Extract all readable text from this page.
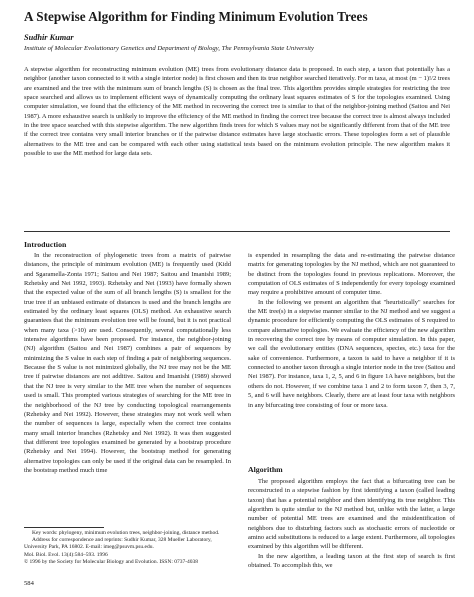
A Stepwise Algorithm for Finding Minimum Evolution Trees
Sudhir Kumar
Institute of Molecular Evolutionary Genetics and Department of Biology, The Pennsylvania State University
A stepwise algorithm for reconstructing minimum evolution (ME) trees from evolutionary distance data is proposed. In each step, a taxon that potentially has a neighbor (another taxon connected to it with a single interior node) is first chosen and then its true neighbor searched iteratively. For m taxa, at most (m − 1)!/2 trees are examined and the tree with the minimum sum of branch lengths (S) is chosen as the final tree. This algorithm provides simple strategies for restricting the tree space searched and allows us to implement efficient ways of dynamically computing the ordinary least squares estimates of S for the topologies examined. Using computer simulation, we found that the efficiency of the ME method in recovering the correct tree is similar to that of the neighbor-joining method (Saitou and Nei 1987). A more exhaustive search is unlikely to improve the efficiency of the ME method in finding the correct tree because the correct tree is almost always included in the tree space searched with this stepwise algorithm. The new algorithm finds trees for which S values may not be significantly different from that of the ME tree if the correct tree contains very small interior branches or if the pairwise distance estimates have large stochastic errors. These topologies form a set of plausible alternatives to the ME tree and can be compared with each other using statistical tests based on the minimum evolution principle. The new algorithm makes it possible to use the ME method for large data sets.
Introduction

In the reconstruction of phylogenetic trees from a matrix of pairwise distances, the principle of minimum evolution (ME) is frequently used (Kidd and Sgaramella-Zonta 1971; Saitou and Nei 1987; Saitou and Imanishi 1989; Rzhetsky and Nei 1992, 1993). Rzhetsky and Nei (1993) have formally shown that the expected value of the sum of all branch lengths (S) is smallest for the true tree if an unbiased estimate of distances is used and the branch lengths are estimated by the ordinary least squares (OLS) method. An exhaustive search guarantees that the minimum evolution tree will be found, but it is not practical when many taxa (>10) are used. Consequently, several computationally less intensive algorithms have been proposed. For instance, the neighbor-joining (NJ) algorithm (Saitou and Nei 1987) combines a pair of sequences by minimizing the S value in each step of finding a pair of neighboring sequences. Because the S value is not minimized globally, the NJ tree may not be the ME tree if pairwise distances are not additive. Saitou and Imanishi (1989) showed that the NJ tree is very similar to the ME tree when the number of sequences used is small. This prompted various strategies of searching for the ME tree in the neighborhood of the NJ tree by conducting topological rearrangements (Rzhetsky and Nei 1992). However, these strategies may not work well when the number of sequences is large, especially when the correct tree contains many small interior branches (Rzhetsky and Nei 1992). It was then suggested that different tree topologies examined be generated by a bootstrap procedure (Rzhetsky and Nei 1994). However, the bootstrap method for generating alternative topologies can only be used if the original data can be resampled. In the bootstrap method much time

is expended in resampling the data and re-estimating the pairwise distance matrix for generating topologies by the NJ method, which are not guaranteed to be distinct from the topologies found in previous replications. Moreover, the computation of OLS estimates of S independently for every topology examined may require a prohibitive amount of computer time.

In the following we present an algorithm that "heuristically" searches for the ME tree(s) in a stepwise manner similar to the NJ method and we suggest a dynamic procedure for efficiently computing the OLS estimates of S required to compare alternative topologies. We evaluate the efficiency of the new algorithm in recovering the correct tree by means of computer simulation. In this paper, we call the evolutionary entities (DNA sequences, species, etc.) taxa for the sake of convenience. Furthermore, a taxon is said to have a neighbor if it is connected to another taxon through a single interior node in the tree (Saitou and Nei 1987). For instance, taxa 1, 2, 5, and 6 in figure 1A have neighbors, but the others do not. However, if we combine taxa 1 and 2 to form taxon 7, then 3, 7, 5, and 6 will have neighbors. Clearly, there are at least four taxa with neighbors in any bifurcating tree consisting of four or more taxa.

Algorithm

The proposed algorithm employs the fact that a bifurcating tree can be reconstructed in a stepwise fashion by first identifying a taxon (called leading taxon) that has a potential neighbor and then identifying its true neighbor. This algorithm is quite similar to the NJ method but, unlike with the latter, a large number of potential ME trees are examined and the misidentification of neighbors due to disturbing factors such as stochastic errors of nucleotide or amino acid substitutions is reduced to a large extent. Furthermore, all topologies examined by this algorithm will be different.

In the new algorithm, a leading taxon at the first step of search is first obtained. To accomplish this, we

Key words: phylogeny, minimum evolution trees, neighbor-joining, distance method.

Address for correspondence and reprints: Sudhir Kumar, 328 Mueller Laboratory, University Park, PA 16802. E-mail: imeg@psuvm.psu.edu.

Mol. Biol. Evol. 13(4):584–593. 1996

© 1996 by the Society for Molecular Biology and Evolution. ISSN: 0737-4038

584
